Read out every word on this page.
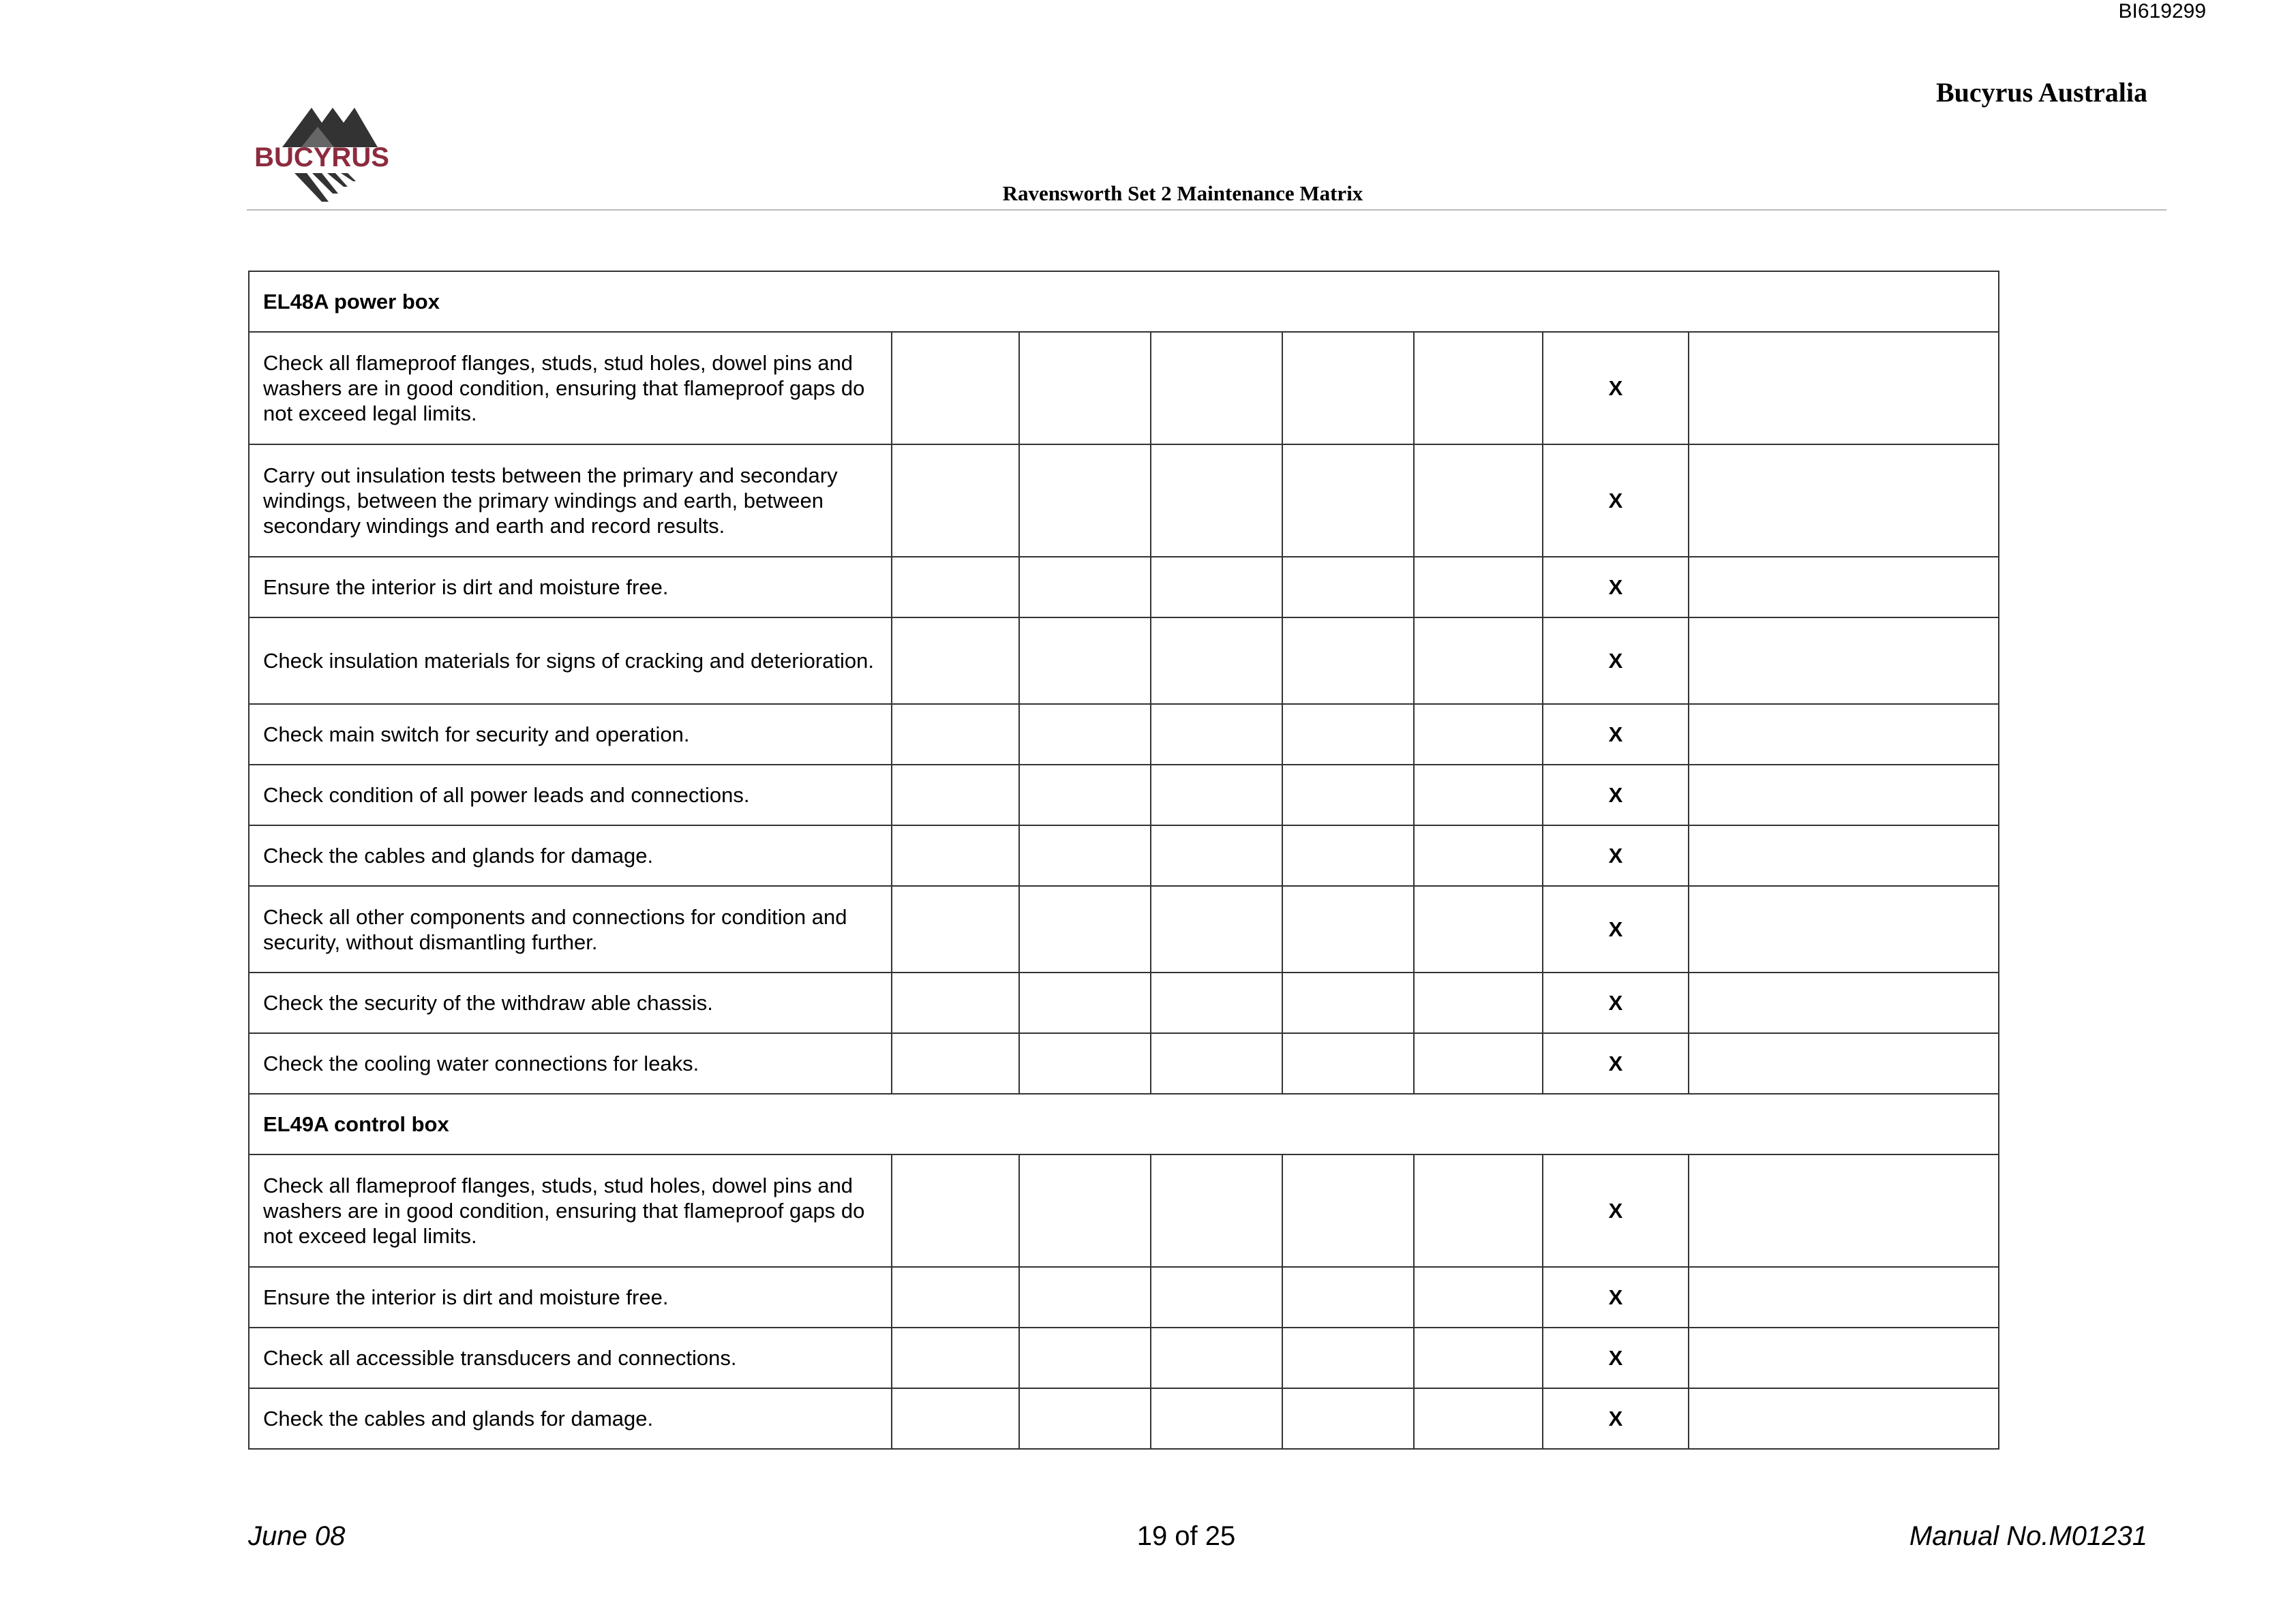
BI619299
Bucyrus Australia
BUCYRUS
Ravensworth Set 2 Maintenance Matrix
EL48A power box							
Check all flameproof flanges, studs, stud holes, dowel pins and washers are in good condition, ensuring that flameproof gaps do not exceed legal limits.						X	
Carry out insulation tests between the primary and secondary windings, between the primary windings and earth, between secondary windings and earth and record results.						X	
Ensure the interior is dirt and moisture free.						X	
Check insulation materials for signs of cracking and deterioration.						X	
Check main switch for security and operation.						X	
Check condition of all power leads and connections.						X	
Check the cables and glands for damage.						X	
Check all other components and connections for condition and security, without dismantling further.						X	
Check the security of the withdraw able chassis.						X	
Check the cooling water connections for leaks.						X	
EL49A control box							
Check all flameproof flanges, studs, stud holes, dowel pins and washers are in good condition, ensuring that flameproof gaps do not exceed legal limits.						X	
Ensure the interior is dirt and moisture free.						X	
Check all accessible transducers and connections.						X	
Check the cables and glands for damage.						X	
June 08	19 of 25	Manual No.M01231
